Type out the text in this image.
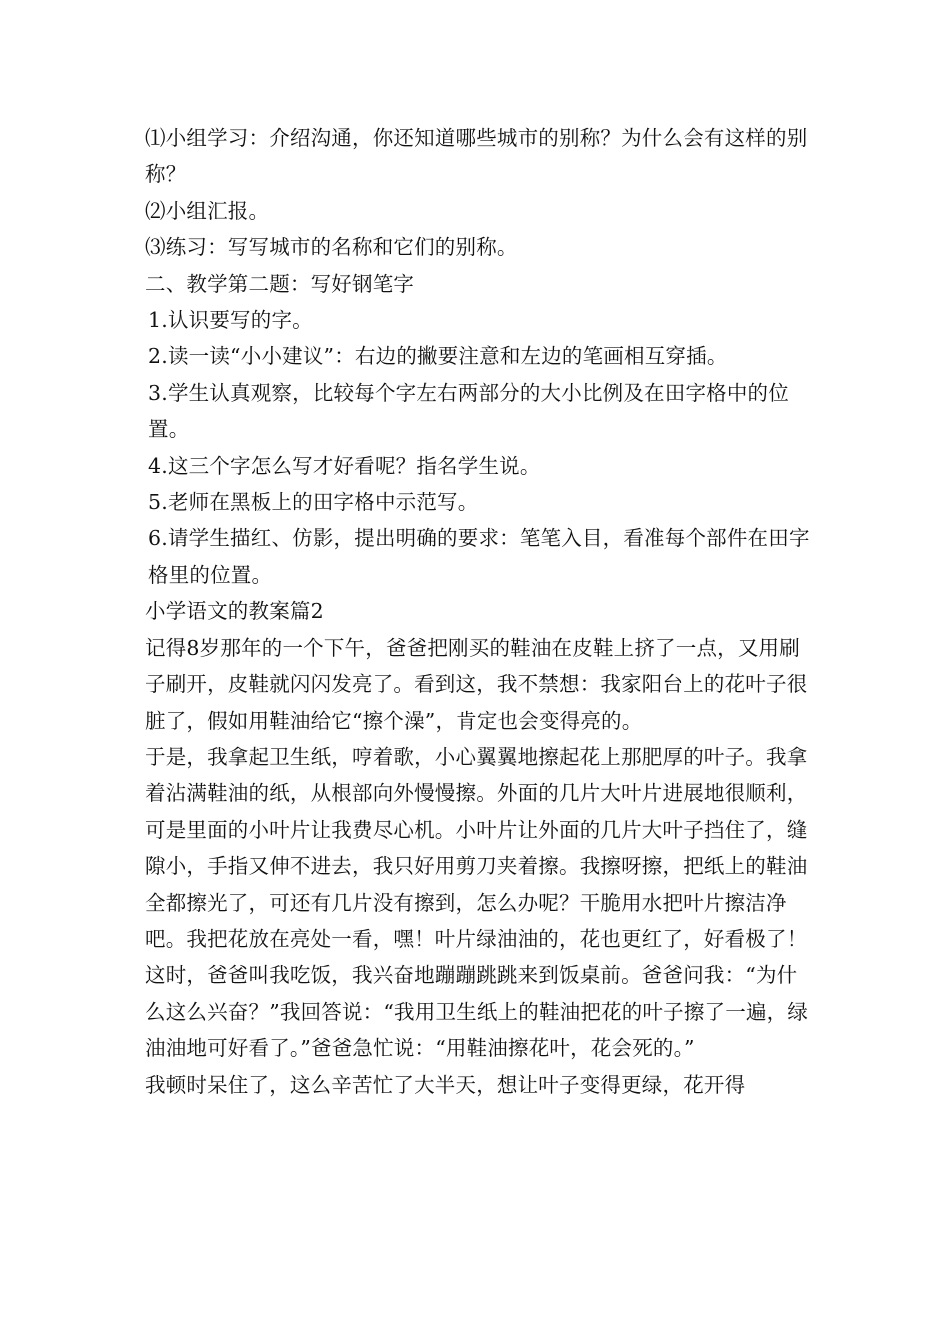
⑴小组学习：介绍沟通，你还知道哪些城市的别称？为什么会有这样的别称？

⑵小组汇报。

⑶练习：写写城市的名称和它们的别称。

二、教学第二题：写好钢笔字

1.认识要写的字。

2.读一读“小小建议”：右边的撇要注意和左边的笔画相互穿插。

3.学生认真观察，比较每个字左右两部分的大小比例及在田字格中的位置。

4.这三个字怎么写才好看呢？指名学生说。

5.老师在黑板上的田字格中示范写。

6.请学生描红、仿影，提出明确的要求：笔笔入目，看准每个部件在田字格里的位置。

小学语文的教案篇2

记得8岁那年的一个下午，爸爸把刚买的鞋油在皮鞋上挤了一点，又用刷子刷开，皮鞋就闪闪发亮了。看到这，我不禁想：我家阳台上的花叶子很脏了，假如用鞋油给它“擦个澡”，肯定也会变得亮的。

于是，我拿起卫生纸，哼着歌，小心翼翼地擦起花上那肥厚的叶子。我拿着沾满鞋油的纸，从根部向外慢慢擦。外面的几片大叶片进展地很顺利，可是里面的小叶片让我费尽心机。小叶片让外面的几片大叶子挡住了，缝隙小，手指又伸不进去，我只好用剪刀夹着擦。我擦呀擦，把纸上的鞋油全都擦光了，可还有几片没有擦到，怎么办呢？干脆用水把叶片擦洁净吧。我把花放在亮处一看，嘿！叶片绿油油的，花也更红了，好看极了！

这时，爸爸叫我吃饭，我兴奋地蹦蹦跳跳来到饭桌前。爸爸问我：“为什么这么兴奋？”我回答说：“我用卫生纸上的鞋油把花的叶子擦了一遍，绿油油地可好看了。”爸爸急忙说：“用鞋油擦花叶，花会死的。”

我顿时呆住了，这么辛苦忙了大半天，想让叶子变得更绿，花开得
